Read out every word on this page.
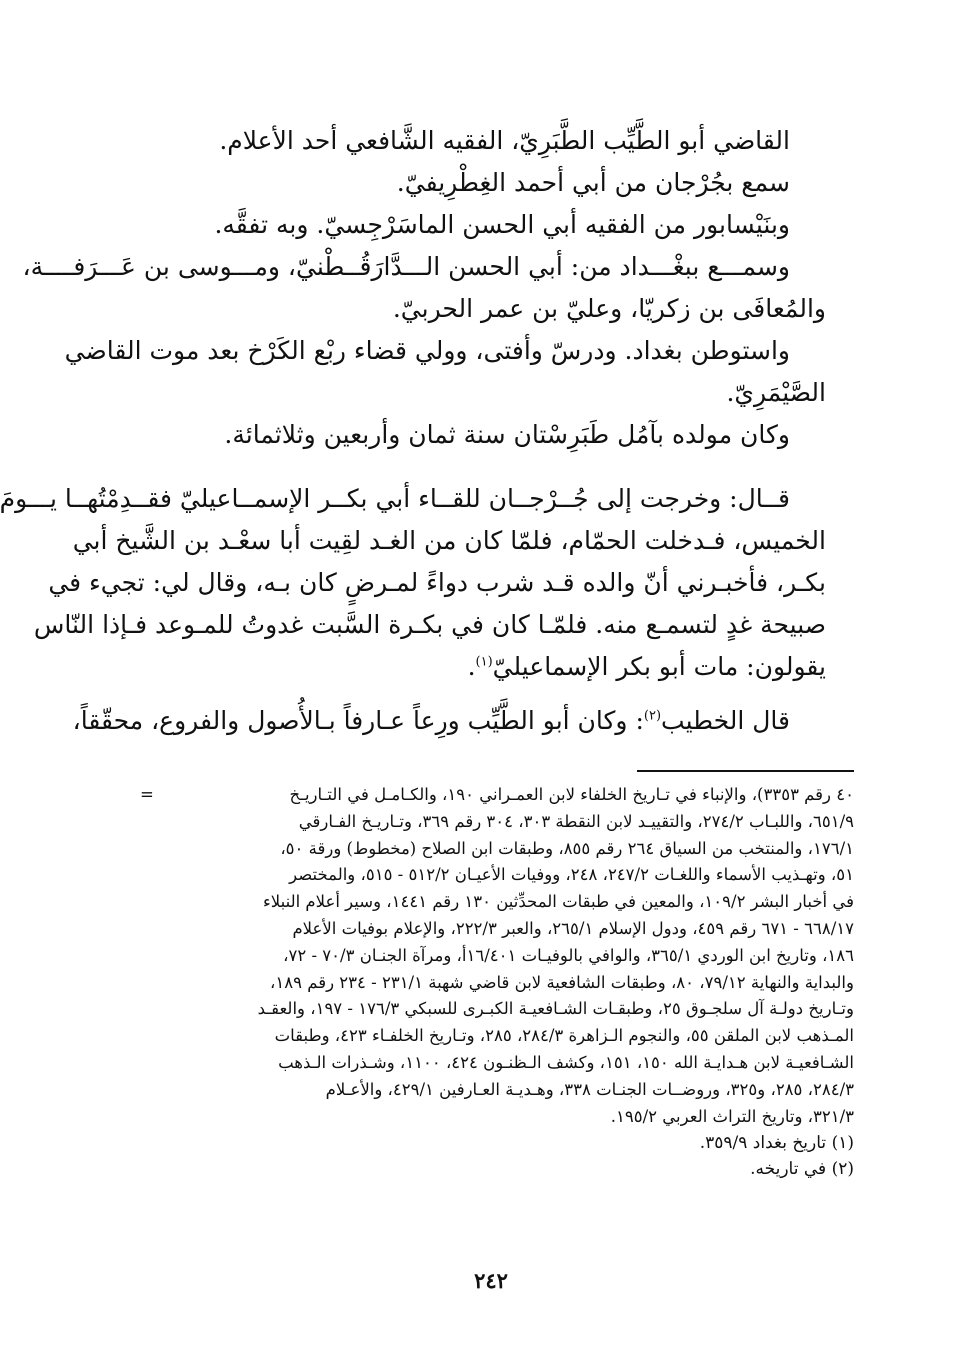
القاضي أبو الطَّيِّب الطَّبَرِيّ، الفقيه الشَّافعي أحد الأعلام.
سمع بجُرْجان من أبي أحمد الغِطْرِيفيّ.
وبنَيْسابور من الفقيه أبي الحسن الماسَرْجِسيّ. وبه تفقَّه.
وسمـــع ببغْـــداد من: أبي الحسن الـــدَّارَقُــطْنيّ، ومـــوسى بن عَـــرَفــــة،
والمُعافَى بن زكريّا، وعليّ بن عمر الحربيّ.
واستوطن بغداد. ودرسّ وأفتى، وولي قضاء ربْع الكَرْخ بعد موت القاضي
الصَّيْمَرِيّ.
وكان مولده بآمُل طَبَرِسْتان سنة ثمان وأربعين وثلاثمائة.
قــال: وخرجت إلى جُــرْجــان للقــاء أبي بكــر الإسمــاعيليّ فقــدِمْتُهــا يـــومَ
الخميس، فـدخلت الحمّام، فلمّا كان من الغـد لقِيت أبا سعْـد بن الشَّيخ أبي
بكـر، فأخبـرني أنّ والده قـد شرب دواءً لمـرضٍ كان بـه، وقال لي: تجيء في
صبيحة غدٍ لتسمـع منه. فلمّـا كان في بكـرة السَّبت غدوتُ للمـوعد فـإذا النّاس
يقولون: مات أبو بكر الإسماعيليّ$^{(١)}$.
قال الخطيب$^{(٢)}$: وكان أبو الطَّيِّب ورِعاً عـارفاً بـالأُصول والفروع، محقّقاً،
=	٤٠ رقم ٣٣٥٣)، والإنباء في تـاريخ الخلفاء لابن العمـراني ١٩٠، والكـامـل في التـاريـخ
٦٥١/٩، واللبـاب ٢٧٤/٢، والتقييـد لابن النقطة ٣٠٣، ٣٠٤ رقم ٣٦٩، وتـاريـخ الفـارقي
١٧٦/١، والمنتخب من السياق ٢٦٤ رقم ٨٥٥، وطبقات ابن الصلاح (مخطوط) ورقة ٥٠،
٥١، وتهـذيب الأسماء واللغـات ٢٤٧/٢، ٢٤٨، ووفيات الأعيـان ٥١٢/٢ - ٥١٥، والمختصر
في أخبار البشر ١٠٩/٢، والمعين في طبقات المحدِّثين ١٣٠ رقم ١٤٤١، وسير أعلام النبلاء
٦٦٨/١٧ - ٦٧١ رقم ٤٥٩، ودول الإسلام ٢٦٥/١، والعبر ٢٢٢/٣، والإعلام بوفيات الأعلام
١٨٦، وتاريخ ابن الوردي ٣٦٥/١، والوافي بالوفيـات ١٦/٤٠١أ، ومرآة الجنـان ٧٠/٣ - ٧٢،
والبداية والنهاية ٧٩/١٢، ٨٠، وطبقات الشافعية لابن قاضي شهبة ٢٣١/١ - ٢٣٤ رقم ١٨٩،
وتـاريخ دولـة آل سلجـوق ٢٥، وطبقـات الشـافعيـة الكبـرى للسبكي ١٧٦/٣ - ١٩٧، والعقـد
المـذهب لابن الملقن ٥٥، والنجوم الـزاهرة ٢٨٤/٣، ٢٨٥، وتـاريخ الخلفـاء ٤٢٣، وطبقات
الشـافعيـة لابن هـدايـة الله ١٥٠، ١٥١، وكشف الـظنـون ٤٢٤، ١١٠٠، وشـذرات الـذهب
٢٨٤/٣، ٢٨٥، و٣٢٥، وروضــات الجنـات ٣٣٨، وهـديـة العـارفين ٤٢٩/١، والأعـلام
٣٢١/٣، وتاريخ التراث العربي ١٩٥/٢.
(١) تاريخ بغداد ٣٥٩/٩.
(٢) في تاريخه.
٢٤٢
